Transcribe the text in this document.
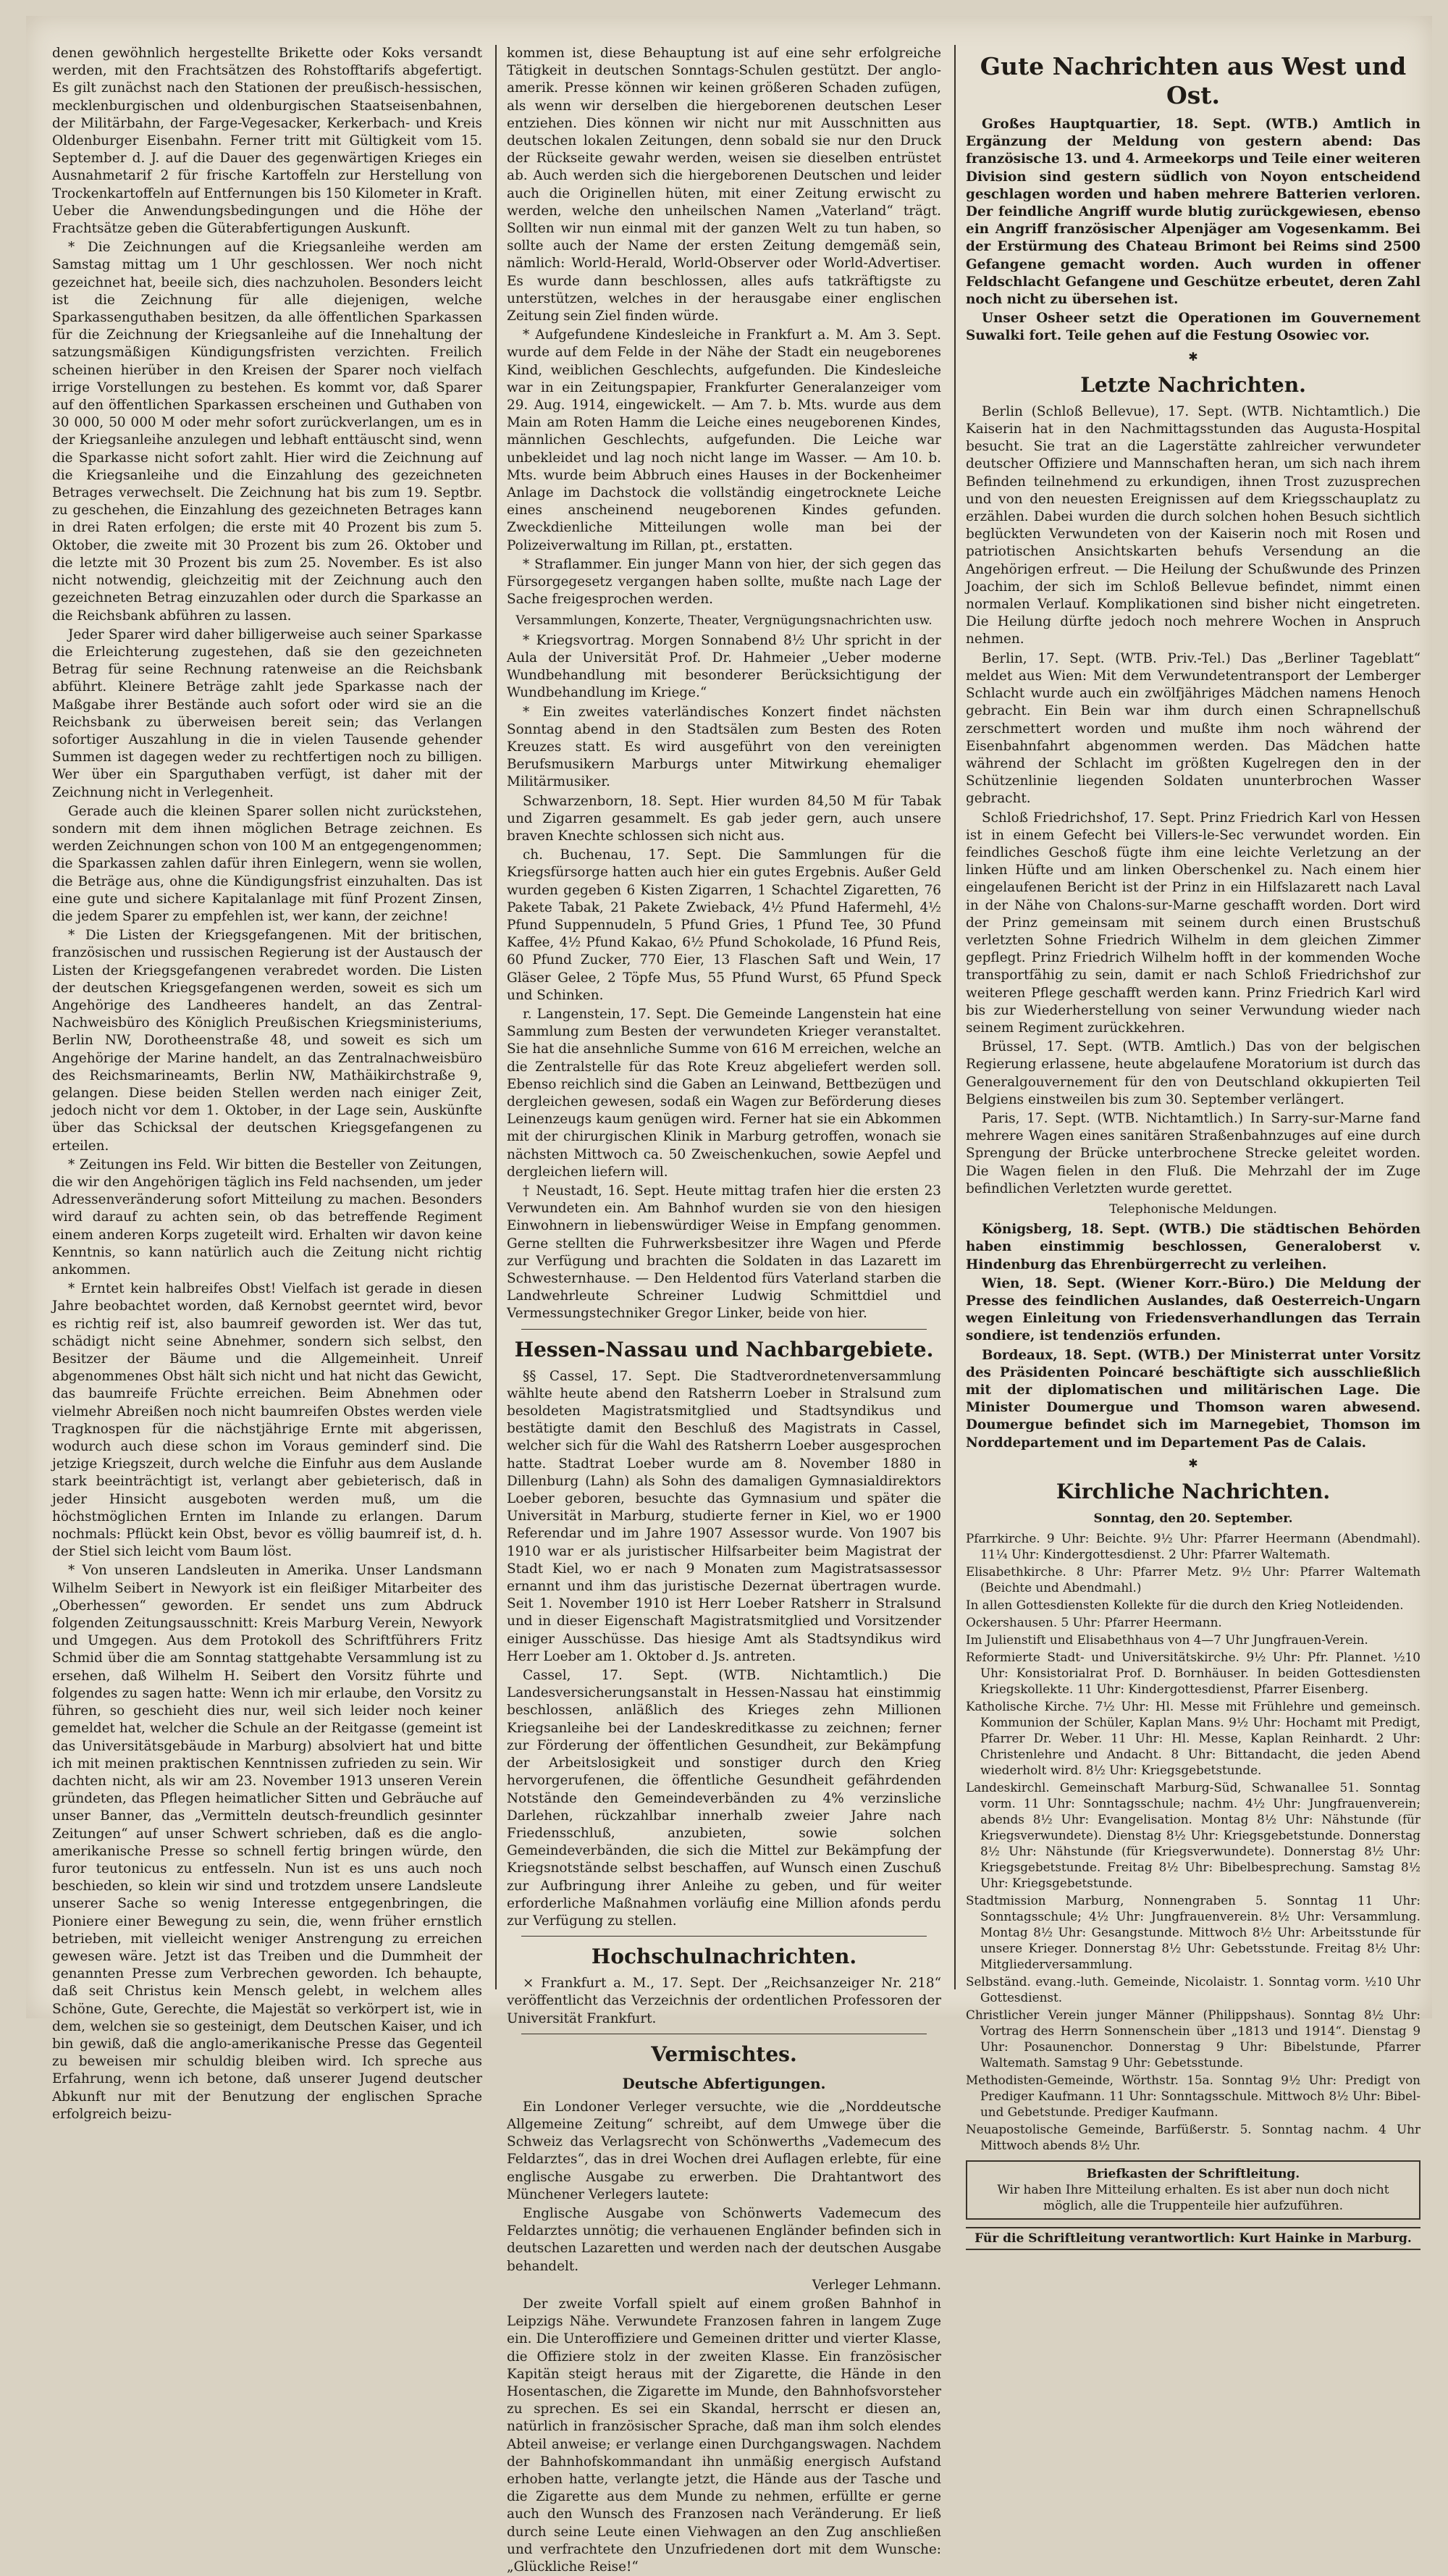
denen gewöhnlich hergestellte Brikette oder Koks versandt werden, mit den Frachtsätzen des Rohstofftarifs abgefertigt. Es gilt zunächst nach den Stationen der preußisch-hessischen, mecklenburgischen und oldenburgischen Staatseisenbahnen, der Militärbahn, der Farge-Vegesacker, Kerkerbach- und Kreis Oldenburger Eisenbahn. Ferner tritt mit Gültigkeit vom 15. September d. J. auf die Dauer des gegenwärtigen Krieges ein Ausnahmetarif 2 für frische Kartoffeln zur Herstellung von Trockenkartoffeln auf Entfernungen bis 150 Kilometer in Kraft. Ueber die Anwendungsbedingungen und die Höhe der Frachtsätze geben die Güterabfertigungen Auskunft.

* Die Zeichnungen auf die Kriegsanleihe werden am Samstag mittag um 1 Uhr geschlossen. Wer noch nicht gezeichnet hat, beeile sich, dies nachzuholen. Besonders leicht ist die Zeichnung für alle diejenigen, welche Sparkassenguthaben besitzen, da alle öffentlichen Sparkassen für die Zeichnung der Kriegsanleihe auf die Innehaltung der satzungsmäßigen Kündigungsfristen verzichten. Freilich scheinen hierüber in den Kreisen der Sparer noch vielfach irrige Vorstellungen zu bestehen. Es kommt vor, daß Sparer auf den öffentlichen Sparkassen erscheinen und Guthaben von 30 000, 50 000 M oder mehr sofort zurückverlangen, um es in der Kriegsanleihe anzulegen und lebhaft enttäuscht sind, wenn die Sparkasse nicht sofort zahlt. Hier wird die Zeichnung auf die Kriegsanleihe und die Einzahlung des gezeichneten Betrages verwechselt. Die Zeichnung hat bis zum 19. Septbr. zu geschehen, die Einzahlung des gezeichneten Betrages kann in drei Raten erfolgen; die erste mit 40 Prozent bis zum 5. Oktober, die zweite mit 30 Prozent bis zum 26. Oktober und die letzte mit 30 Prozent bis zum 25. November. Es ist also nicht notwendig, gleichzeitig mit der Zeichnung auch den gezeichneten Betrag einzuzahlen oder durch die Sparkasse an die Reichsbank abführen zu lassen.

Jeder Sparer wird daher billigerweise auch seiner Sparkasse die Erleichterung zugestehen, daß sie den gezeichneten Betrag für seine Rechnung ratenweise an die Reichsbank abführt. Kleinere Beträge zahlt jede Sparkasse nach der Maßgabe ihrer Bestände auch sofort oder wird sie an die Reichsbank zu überweisen bereit sein; das Verlangen sofortiger Auszahlung in die in vielen Tausende gehender Summen ist dagegen weder zu rechtfertigen noch zu billigen. Wer über ein Sparguthaben verfügt, ist daher mit der Zeichnung nicht in Verlegenheit.

Gerade auch die kleinen Sparer sollen nicht zurückstehen, sondern mit dem ihnen möglichen Betrage zeichnen. Es werden Zeichnungen schon von 100 M an entgegengenommen; die Sparkassen zahlen dafür ihren Einlegern, wenn sie wollen, die Beträge aus, ohne die Kündigungsfrist einzuhalten. Das ist eine gute und sichere Kapitalanlage mit fünf Prozent Zinsen, die jedem Sparer zu empfehlen ist, wer kann, der zeichne!

* Die Listen der Kriegsgefangenen. Mit der britischen, französischen und russischen Regierung ist der Austausch der Listen der Kriegsgefangenen verabredet worden. Die Listen der deutschen Kriegsgefangenen werden, soweit es sich um Angehörige des Landheeres handelt, an das Zentral-Nachweisbüro des Königlich Preußischen Kriegsministeriums, Berlin NW, Dorotheenstraße 48, und soweit es sich um Angehörige der Marine handelt, an das Zentralnachweisbüro des Reichsmarineamts, Berlin NW, Mathäikirchstraße 9, gelangen. Diese beiden Stellen werden nach einiger Zeit, jedoch nicht vor dem 1. Oktober, in der Lage sein, Auskünfte über das Schicksal der deutschen Kriegsgefangenen zu erteilen.

* Zeitungen ins Feld. Wir bitten die Besteller von Zeitungen, die wir den Angehörigen täglich ins Feld nachsenden, um jeder Adressenveränderung sofort Mitteilung zu machen. Besonders wird darauf zu achten sein, ob das betreffende Regiment einem anderen Korps zugeteilt wird. Erhalten wir davon keine Kenntnis, so kann natürlich auch die Zeitung nicht richtig ankommen.

* Erntet kein halbreifes Obst! Vielfach ist gerade in diesen Jahre beobachtet worden, daß Kernobst geerntet wird, bevor es richtig reif ist, also baumreif geworden ist. Wer das tut, schädigt nicht seine Abnehmer, sondern sich selbst, den Besitzer der Bäume und die Allgemeinheit. Unreif abgenommenes Obst hält sich nicht und hat nicht das Gewicht, das baumreife Früchte erreichen. Beim Abnehmen oder vielmehr Abreißen noch nicht baumreifen Obstes werden viele Tragknospen für die nächstjährige Ernte mit abgerissen, wodurch auch diese schon im Voraus geminderf sind. Die jetzige Kriegszeit, durch welche die Einfuhr aus dem Auslande stark beeinträchtigt ist, verlangt aber gebieterisch, daß in jeder Hinsicht ausgeboten werden muß, um die höchstmöglichen Ernten im Inlande zu erlangen. Darum nochmals: Pflückt kein Obst, bevor es völlig baumreif ist, d. h. der Stiel sich leicht vom Baum löst.

* Von unseren Landsleuten in Amerika. Unser Landsmann Wilhelm Seibert in Newyork ist ein fleißiger Mitarbeiter des „Oberhessen“ geworden. Er sendet uns zum Abdruck folgenden Zeitungsausschnitt: Kreis Marburg Verein, Newyork und Umgegen. Aus dem Protokoll des Schriftführers Fritz Schmid über die am Sonntag stattgehabte Versammlung ist zu ersehen, daß Wilhelm H. Seibert den Vorsitz führte und folgendes zu sagen hatte: Wenn ich mir erlaube, den Vorsitz zu führen, so geschieht dies nur, weil sich leider noch keiner gemeldet hat, welcher die Schule an der Reitgasse (gemeint ist das Universitätsgebäude in Marburg) absolviert hat und bitte ich mit meinen praktischen Kenntnissen zufrieden zu sein. Wir dachten nicht, als wir am 23. November 1913 unseren Verein gründeten, das Pflegen heimatlicher Sitten und Gebräuche auf unser Banner, das „Vermitteln deutsch-freundlich gesinnter Zeitungen“ auf unser Schwert schrieben, daß es die anglo-amerikanische Presse so schnell fertig bringen würde, den furor teutonicus zu entfesseln. Nun ist es uns auch noch beschieden, so klein wir sind und trotzdem unsere Landsleute unserer Sache so wenig Interesse entgegenbringen, die Pioniere einer Bewegung zu sein, die, wenn früher ernstlich betrieben, mit vielleicht weniger Anstrengung zu erreichen gewesen wäre. Jetzt ist das Treiben und die Dummheit der genannten Presse zum Verbrechen geworden. Ich behaupte, daß seit Christus kein Mensch gelebt, in welchem alles Schöne, Gute, Gerechte, die Majestät so verkörpert ist, wie in dem, welchen sie so gesteinigt, dem Deutschen Kaiser, und ich bin gewiß, daß die anglo-amerikanische Presse das Gegenteil zu beweisen mir schuldig bleiben wird. Ich spreche aus Erfahrung, wenn ich betone, daß unserer Jugend deutscher Abkunft nur mit der Benutzung der englischen Sprache erfolgreich beizu-

kommen ist, diese Behauptung ist auf eine sehr erfolgreiche Tätigkeit in deutschen Sonntags-Schulen gestützt. Der anglo-amerik. Presse können wir keinen größeren Schaden zufügen, als wenn wir derselben die hiergeborenen deutschen Leser entziehen. Dies können wir nicht nur mit Ausschnitten aus deutschen lokalen Zeitungen, denn sobald sie nur den Druck der Rückseite gewahr werden, weisen sie dieselben entrüstet ab. Auch werden sich die hiergeborenen Deutschen und leider auch die Originellen hüten, mit einer Zeitung erwischt zu werden, welche den unheilschen Namen „Vaterland“ trägt. Sollten wir nun einmal mit der ganzen Welt zu tun haben, so sollte auch der Name der ersten Zeitung demgemäß sein, nämlich: World-Herald, World-Observer oder World-Advertiser. Es wurde dann beschlossen, alles aufs tatkräftigste zu unterstützen, welches in der herausgabe einer englischen Zeitung sein Ziel finden würde.

* Aufgefundene Kindesleiche in Frankfurt a. M. Am 3. Sept. wurde auf dem Felde in der Nähe der Stadt ein neugeborenes Kind, weiblichen Geschlechts, aufgefunden. Die Kindesleiche war in ein Zeitungspapier, Frankfurter Generalanzeiger vom 29. Aug. 1914, eingewickelt. — Am 7. b. Mts. wurde aus dem Main am Roten Hamm die Leiche eines neugeborenen Kindes, männlichen Geschlechts, aufgefunden. Die Leiche war unbekleidet und lag noch nicht lange im Wasser. — Am 10. b. Mts. wurde beim Abbruch eines Hauses in der Bockenheimer Anlage im Dachstock die vollständig eingetrocknete Leiche eines anscheinend neugeborenen Kindes gefunden. Zweckdienliche Mitteilungen wolle man bei der Polizeiverwaltung im Rillan, pt., erstatten.

* Straflammer. Ein junger Mann von hier, der sich gegen das Fürsorgegesetz vergangen haben sollte, mußte nach Lage der Sache freigesprochen werden.

Versammlungen, Konzerte, Theater, Vergnügungsnachrichten usw.

* Kriegsvortrag. Morgen Sonnabend 8½ Uhr spricht in der Aula der Universität Prof. Dr. Hahmeier „Ueber moderne Wundbehandlung mit besonderer Berücksichtigung der Wundbehandlung im Kriege.“

* Ein zweites vaterländisches Konzert findet nächsten Sonntag abend in den Stadtsälen zum Besten des Roten Kreuzes statt. Es wird ausgeführt von den vereinigten Berufsmusikern Marburgs unter Mitwirkung ehemaliger Militärmusiker.

Schwarzenborn, 18. Sept. Hier wurden 84,50 M für Tabak und Zigarren gesammelt. Es gab jeder gern, auch unsere braven Knechte schlossen sich nicht aus.

ch. Buchenau, 17. Sept. Die Sammlungen für die Kriegsfürsorge hatten auch hier ein gutes Ergebnis. Außer Geld wurden gegeben 6 Kisten Zigarren, 1 Schachtel Zigaretten, 76 Pakete Tabak, 21 Pakete Zwieback, 4½ Pfund Hafermehl, 4½ Pfund Suppennudeln, 5 Pfund Gries, 1 Pfund Tee, 30 Pfund Kaffee, 4½ Pfund Kakao, 6½ Pfund Schokolade, 16 Pfund Reis, 60 Pfund Zucker, 770 Eier, 13 Flaschen Saft und Wein, 17 Gläser Gelee, 2 Töpfe Mus, 55 Pfund Wurst, 65 Pfund Speck und Schinken.

r. Langenstein, 17. Sept. Die Gemeinde Langenstein hat eine Sammlung zum Besten der verwundeten Krieger veranstaltet. Sie hat die ansehnliche Summe von 616 M erreichen, welche an die Zentralstelle für das Rote Kreuz abgeliefert werden soll. Ebenso reichlich sind die Gaben an Leinwand, Bettbezügen und dergleichen gewesen, sodaß ein Wagen zur Beförderung dieses Leinenzeugs kaum genügen wird. Ferner hat sie ein Abkommen mit der chirurgischen Klinik in Marburg getroffen, wonach sie nächsten Mittwoch ca. 50 Zweischenkuchen, sowie Aepfel und dergleichen liefern will.

† Neustadt, 16. Sept. Heute mittag trafen hier die ersten 23 Verwundeten ein. Am Bahnhof wurden sie von den hiesigen Einwohnern in liebenswürdiger Weise in Empfang genommen. Gerne stellten die Fuhrwerksbesitzer ihre Wagen und Pferde zur Verfügung und brachten die Soldaten in das Lazarett im Schwesternhause. — Den Heldentod fürs Vaterland starben die Landwehrleute Schreiner Ludwig Schmittdiel und Vermessungstechniker Gregor Linker, beide von hier.

Hessen-Nassau und Nachbargebiete.

§§ Cassel, 17. Sept. Die Stadtverordnetenversammlung wählte heute abend den Ratsherrn Loeber in Stralsund zum besoldeten Magistratsmitglied und Stadtsyndikus und bestätigte damit den Beschluß des Magistrats in Cassel, welcher sich für die Wahl des Ratsherrn Loeber ausgesprochen hatte. Stadtrat Loeber wurde am 8. November 1880 in Dillenburg (Lahn) als Sohn des damaligen Gymnasialdirektors Loeber geboren, besuchte das Gymnasium und später die Universität in Marburg, studierte ferner in Kiel, wo er 1900 Referendar und im Jahre 1907 Assessor wurde. Von 1907 bis 1910 war er als juristischer Hilfsarbeiter beim Magistrat der Stadt Kiel, wo er nach 9 Monaten zum Magistratsassessor ernannt und ihm das juristische Dezernat übertragen wurde. Seit 1. November 1910 ist Herr Loeber Ratsherr in Stralsund und in dieser Eigenschaft Magistratsmitglied und Vorsitzender einiger Ausschüsse. Das hiesige Amt als Stadtsyndikus wird Herr Loeber am 1. Oktober d. Js. antreten.

Cassel, 17. Sept. (WTB. Nichtamtlich.) Die Landesversicherungsanstalt in Hessen-Nassau hat einstimmig beschlossen, anläßlich des Krieges zehn Millionen Kriegsanleihe bei der Landeskreditkasse zu zeichnen; ferner zur Förderung der öffentlichen Gesundheit, zur Bekämpfung der Arbeitslosigkeit und sonstiger durch den Krieg hervorgerufenen, die öffentliche Gesundheit gefährdenden Notstände den Gemeindeverbänden zu 4% verzinsliche Darlehen, rückzahlbar innerhalb zweier Jahre nach Friedensschluß, anzubieten, sowie solchen Gemeindeverbänden, die sich die Mittel zur Bekämpfung der Kriegsnotstände selbst beschaffen, auf Wunsch einen Zuschuß zur Aufbringung ihrer Anleihe zu geben, und für weiter erforderliche Maßnahmen vorläufig eine Million afonds perdu zur Verfügung zu stellen.

Hochschulnachrichten.

× Frankfurt a. M., 17. Sept. Der „Reichsanzeiger Nr. 218“ veröffentlicht das Verzeichnis der ordentlichen Professoren der Universität Frankfurt.

Vermischtes.
Deutsche Abfertigungen.

Ein Londoner Verleger versuchte, wie die „Norddeutsche Allgemeine Zeitung“ schreibt, auf dem Umwege über die Schweiz das Verlagsrecht von Schönwerths „Vademecum des Feldarztes“, das in drei Wochen drei Auflagen erlebte, für eine englische Ausgabe zu erwerben. Die Drahtantwort des Münchener Verlegers lautete:

Englische Ausgabe von Schönwerts Vademecum des Feldarztes unnötig; die verhauenen Engländer befinden sich in deutschen Lazaretten und werden nach der deutschen Ausgabe behandelt.

Verleger Lehmann.

Der zweite Vorfall spielt auf einem großen Bahnhof in Leipzigs Nähe. Verwundete Franzosen fahren in langem Zuge ein. Die Unteroffiziere und Gemeinen dritter und vierter Klasse, die Offiziere stolz in der zweiten Klasse. Ein französischer Kapitän steigt heraus mit der Zigarette, die Hände in den Hosentaschen, die Zigarette im Munde, den Bahnhofsvorsteher zu sprechen. Es sei ein Skandal, herrscht er diesen an, natürlich in französischer Sprache, daß man ihm solch elendes Abteil anweise; er verlange einen Durchgangswagen. Nachdem der Bahnhofskommandant ihn unmäßig energisch Aufstand erhoben hatte, verlangte jetzt, die Hände aus der Tasche und die Zigarette aus dem Munde zu nehmen, erfüllte er gerne auch den Wunsch des Franzosen nach Veränderung. Er ließ durch seine Leute einen Viehwagen an den Zug anschließen und verfrachtete den Unzufriedenen dort mit dem Wunsche: „Glückliche Reise!“

Gute Nachrichten aus West und Ost.

Großes Hauptquartier, 18. Sept. (WTB.) Amtlich in Ergänzung der Meldung von gestern abend: Das französische 13. und 4. Armeekorps und Teile einer weiteren Division sind gestern südlich von Noyon entscheidend geschlagen worden und haben mehrere Batterien verloren. Der feindliche Angriff wurde blutig zurückgewiesen, ebenso ein Angriff französischer Alpenjäger am Vogesenkamm. Bei der Erstürmung des Chateau Brimont bei Reims sind 2500 Gefangene gemacht worden. Auch wurden in offener Feldschlacht Gefangene und Geschütze erbeutet, deren Zahl noch nicht zu übersehen ist.

Unser Osheer setzt die Operationen im Gouvernement Suwalki fort. Teile gehen auf die Festung Osowiec vor.

✱
Letzte Nachrichten.

Berlin (Schloß Bellevue), 17. Sept. (WTB. Nichtamtlich.) Die Kaiserin hat in den Nachmittagsstunden das Augusta-Hospital besucht. Sie trat an die Lagerstätte zahlreicher verwundeter deutscher Offiziere und Mannschaften heran, um sich nach ihrem Befinden teilnehmend zu erkundigen, ihnen Trost zuzusprechen und von den neuesten Ereignissen auf dem Kriegsschauplatz zu erzählen. Dabei wurden die durch solchen hohen Besuch sichtlich beglückten Verwundeten von der Kaiserin noch mit Rosen und patriotischen Ansichtskarten behufs Versendung an die Angehörigen erfreut. — Die Heilung der Schußwunde des Prinzen Joachim, der sich im Schloß Bellevue befindet, nimmt einen normalen Verlauf. Komplikationen sind bisher nicht eingetreten. Die Heilung dürfte jedoch noch mehrere Wochen in Anspruch nehmen.

Berlin, 17. Sept. (WTB. Priv.-Tel.) Das „Berliner Tageblatt“ meldet aus Wien: Mit dem Verwundetentransport der Lemberger Schlacht wurde auch ein zwölfjähriges Mädchen namens Henoch gebracht. Ein Bein war ihm durch einen Schrapnellschuß zerschmettert worden und mußte ihm noch während der Eisenbahnfahrt abgenommen werden. Das Mädchen hatte während der Schlacht im größten Kugelregen den in der Schützenlinie liegenden Soldaten ununterbrochen Wasser gebracht.

Schloß Friedrichshof, 17. Sept. Prinz Friedrich Karl von Hessen ist in einem Gefecht bei Villers-le-Sec verwundet worden. Ein feindliches Geschoß fügte ihm eine leichte Verletzung an der linken Hüfte und am linken Oberschenkel zu. Nach einem hier eingelaufenen Bericht ist der Prinz in ein Hilfslazarett nach Laval in der Nähe von Chalons-sur-Marne geschafft worden. Dort wird der Prinz gemeinsam mit seinem durch einen Brustschuß verletzten Sohne Friedrich Wilhelm in dem gleichen Zimmer gepflegt. Prinz Friedrich Wilhelm hofft in der kommenden Woche transportfähig zu sein, damit er nach Schloß Friedrichshof zur weiteren Pflege geschafft werden kann. Prinz Friedrich Karl wird bis zur Wiederherstellung von seiner Verwundung wieder nach seinem Regiment zurückkehren.

Brüssel, 17. Sept. (WTB. Amtlich.) Das von der belgischen Regierung erlassene, heute abgelaufene Moratorium ist durch das Generalgouvernement für den von Deutschland okkupierten Teil Belgiens einstweilen bis zum 30. September verlängert.

Paris, 17. Sept. (WTB. Nichtamtlich.) In Sarry-sur-Marne fand mehrere Wagen eines sanitären Straßenbahnzuges auf eine durch Sprengung der Brücke unterbrochene Strecke geleitet worden. Die Wagen fielen in den Fluß. Die Mehrzahl der im Zuge befindlichen Verletzten wurde gerettet.

Telephonische Meldungen.

Königsberg, 18. Sept. (WTB.) Die städtischen Behörden haben einstimmig beschlossen, Generaloberst v. Hindenburg das Ehrenbürgerrecht zu verleihen.

Wien, 18. Sept. (Wiener Korr.-Büro.) Die Meldung der Presse des feindlichen Auslandes, daß Oesterreich-Ungarn wegen Einleitung von Friedensverhandlungen das Terrain sondiere, ist tendenziös erfunden.

Bordeaux, 18. Sept. (WTB.) Der Ministerrat unter Vorsitz des Präsidenten Poincaré beschäftigte sich ausschließlich mit der diplomatischen und militärischen Lage. Die Minister Doumergue und Thomson waren abwesend. Doumergue befindet sich im Marnegebiet, Thomson im Norddepartement und im Departement Pas de Calais.

✱
Kirchliche Nachrichten.
Sonntag, den 20. September.

Pfarrkirche. 9 Uhr: Beichte. 9½ Uhr: Pfarrer Heermann (Abendmahl). 11¼ Uhr: Kindergottesdienst. 2 Uhr: Pfarrer Waltemath.

Elisabethkirche. 8 Uhr: Pfarrer Metz. 9½ Uhr: Pfarrer Waltemath (Beichte und Abendmahl.)

In allen Gottesdiensten Kollekte für die durch den Krieg Notleidenden.

Ockershausen. 5 Uhr: Pfarrer Heermann.

Im Julienstift und Elisabethhaus von 4—7 Uhr Jungfrauen-Verein.

Reformierte Stadt- und Universitätskirche. 9½ Uhr: Pfr. Plannet. ½10 Uhr: Konsistorialrat Prof. D. Bornhäuser. In beiden Gottesdiensten Kriegskollekte. 11 Uhr: Kindergottesdienst, Pfarrer Eisenberg.

Katholische Kirche. 7½ Uhr: Hl. Messe mit Frühlehre und gemeinsch. Kommunion der Schüler, Kaplan Mans. 9½ Uhr: Hochamt mit Predigt, Pfarrer Dr. Weber. 11 Uhr: Hl. Messe, Kaplan Reinhardt. 2 Uhr: Christenlehre und Andacht. 8 Uhr: Bittandacht, die jeden Abend wiederholt wird. 8½ Uhr: Kriegsgebetstunde.

Landeskirchl. Gemeinschaft Marburg-Süd, Schwanallee 51. Sonntag vorm. 11 Uhr: Sonntagsschule; nachm. 4½ Uhr: Jungfrauenverein; abends 8½ Uhr: Evangelisation. Montag 8½ Uhr: Nähstunde (für Kriegsverwundete). Dienstag 8½ Uhr: Kriegsgebetstunde. Donnerstag 8½ Uhr: Nähstunde (für Kriegsverwundete). Donnerstag 8½ Uhr: Kriegsgebetstunde. Freitag 8½ Uhr: Bibelbesprechung. Samstag 8½ Uhr: Kriegsgebetstunde.

Stadtmission Marburg, Nonnengraben 5. Sonntag 11 Uhr: Sonntagsschule; 4½ Uhr: Jungfrauenverein. 8½ Uhr: Versammlung. Montag 8½ Uhr: Gesangstunde. Mittwoch 8½ Uhr: Arbeitsstunde für unsere Krieger. Donnerstag 8½ Uhr: Gebetsstunde. Freitag 8½ Uhr: Mitgliederversammlung.

Selbständ. evang.-luth. Gemeinde, Nicolaistr. 1. Sonntag vorm. ½10 Uhr Gottesdienst.

Christlicher Verein junger Männer (Philippshaus). Sonntag 8½ Uhr: Vortrag des Herrn Sonnenschein über „1813 und 1914“. Dienstag 9 Uhr: Posaunenchor. Donnerstag 9 Uhr: Bibelstunde, Pfarrer Waltemath. Samstag 9 Uhr: Gebetsstunde.

Methodisten-Gemeinde, Wörthstr. 15a. Sonntag 9½ Uhr: Predigt von Prediger Kaufmann. 11 Uhr: Sonntagsschule. Mittwoch 8½ Uhr: Bibel- und Gebetstunde. Prediger Kaufmann.

Neuapostolische Gemeinde, Barfüßerstr. 5. Sonntag nachm. 4 Uhr Mittwoch abends 8½ Uhr.

Briefkasten der Schriftleitung.
Wir haben Ihre Mitteilung erhalten. Es ist aber nun doch nicht möglich, alle die Truppenteile hier aufzuführen.
Für die Schriftleitung verantwortlich: Kurt Hainke in Marburg.
